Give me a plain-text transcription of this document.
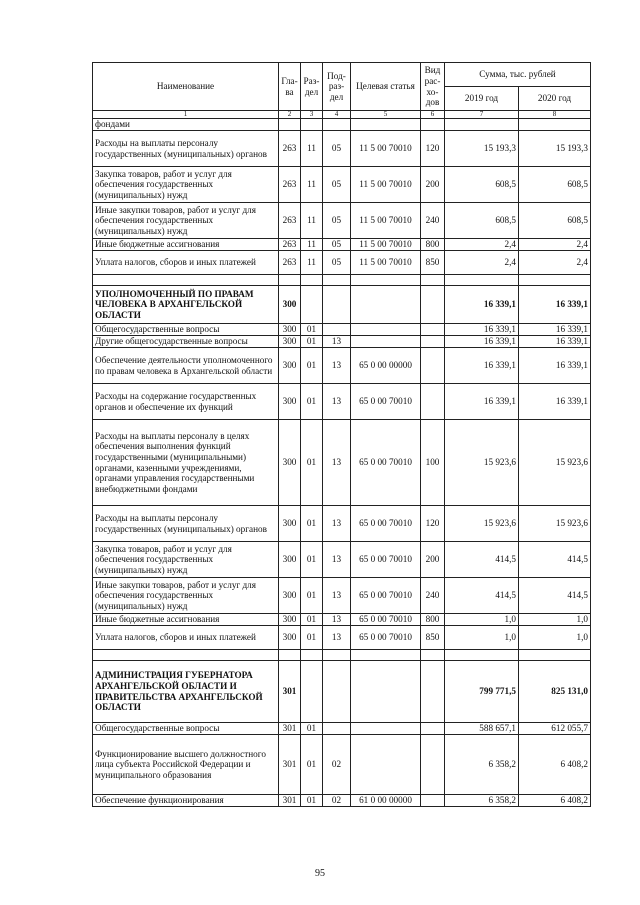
Наименование	Гла-ва	Раз-дел	Под-раз-дел	Целевая статья	Вид рас-хо-дов	Сумма, тыс. рублей	
						2019 год	2020 год
1	2	3	4	5	6	7	8
фондами							
Расходы на выплаты персоналу государственных (муниципальных) органов	263	11	05	11 5 00 70010	120	15 193,3	15 193,3
Закупка товаров, работ и услуг для обеспечения государственных (муниципальных) нужд	263	11	05	11 5 00 70010	200	608,5	608,5
Иные закупки товаров, работ и услуг для обеспечения государственных (муниципальных) нужд	263	11	05	11 5 00 70010	240	608,5	608,5
Иные бюджетные ассигнования	263	11	05	11 5 00 70010	800	2,4	2,4
Уплата налогов, сборов и иных платежей	263	11	05	11 5 00 70010	850	2,4	2,4

УПОЛНОМОЧЕННЫЙ ПО ПРАВАМ ЧЕЛОВЕКА В АРХАНГЕЛЬСКОЙ ОБЛАСТИ	300					16 339,1	16 339,1
Общегосударственные вопросы	300	01				16 339,1	16 339,1
Другие общегосударственные вопросы	300	01	13			16 339,1	16 339,1
Обеспечение деятельности уполномоченного по правам человека в Архангельской области	300	01	13	65 0 00 00000		16 339,1	16 339,1
Расходы на содержание государственных органов и обеспечение их функций	300	01	13	65 0 00 70010		16 339,1	16 339,1
Расходы на выплаты персоналу в целях обеспечения выполнения функций государственными (муниципальными) органами, казенными учреждениями, органами управления государственными внебюджетными фондами	300	01	13	65 0 00 70010	100	15 923,6	15 923,6
Расходы на выплаты персоналу государственных (муниципальных) органов	300	01	13	65 0 00 70010	120	15 923,6	15 923,6
Закупка товаров, работ и услуг для обеспечения государственных (муниципальных) нужд	300	01	13	65 0 00 70010	200	414,5	414,5
Иные закупки товаров, работ и услуг для обеспечения государственных (муниципальных) нужд	300	01	13	65 0 00 70010	240	414,5	414,5
Иные бюджетные ассигнования	300	01	13	65 0 00 70010	800	1,0	1,0
Уплата налогов, сборов и иных платежей	300	01	13	65 0 00 70010	850	1,0	1,0

АДМИНИСТРАЦИЯ ГУБЕРНАТОРА АРХАНГЕЛЬСКОЙ ОБЛАСТИ И ПРАВИТЕЛЬСТВА АРХАНГЕЛЬСКОЙ ОБЛАСТИ	301					799 771,5	825 131,0
Общегосударственные вопросы	301	01				588 657,1	612 055,7
Функционирование высшего должностного лица субъекта Российской Федерации и муниципального образования	301	01	02			6 358,2	6 408,2
Обеспечение функционирования	301	01	02	61 0 00 00000		6 358,2	6 408,2
95
